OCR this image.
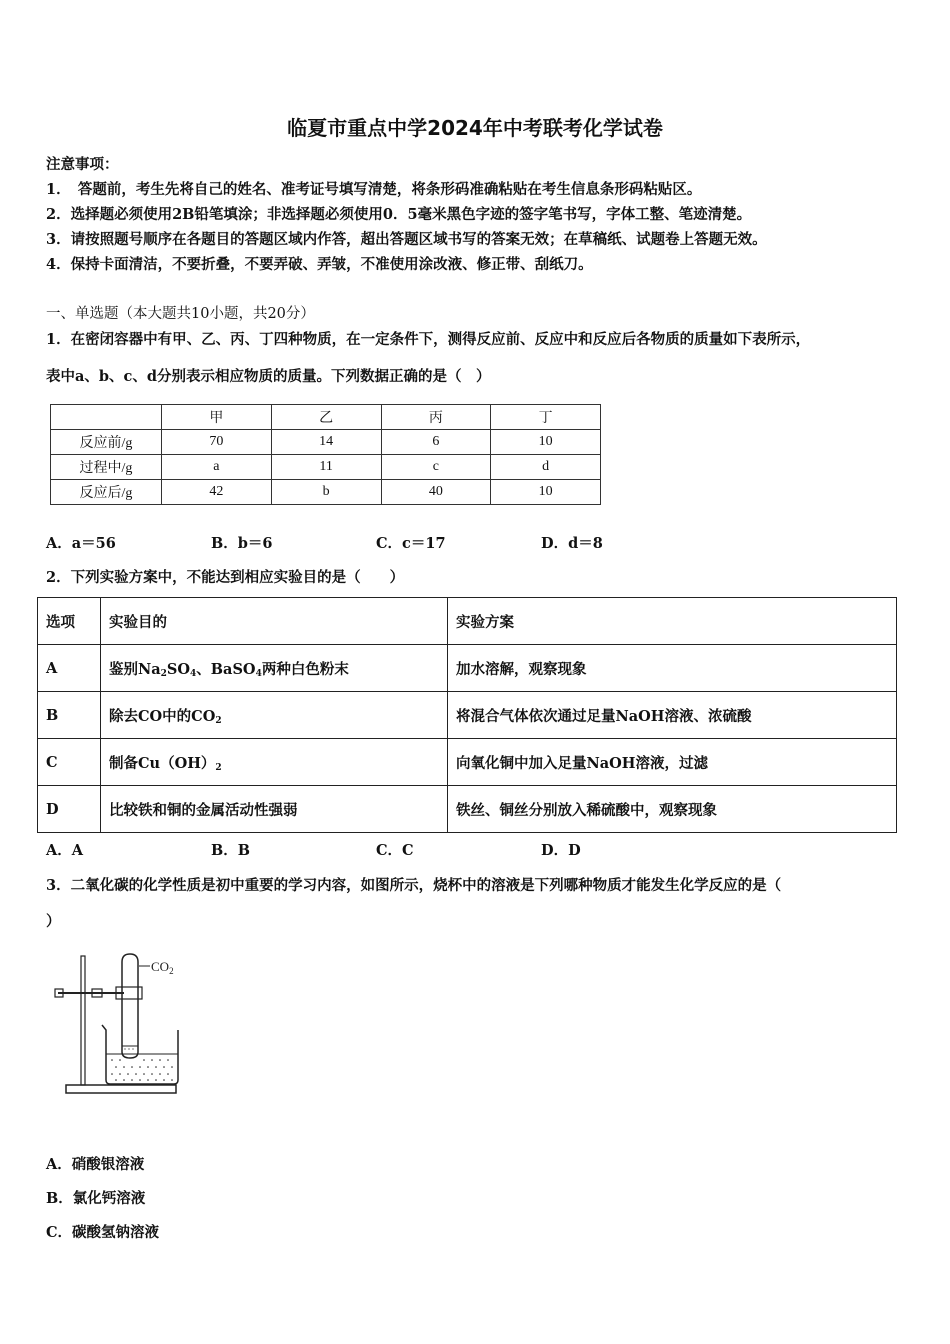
临夏市重点中学2024年中考联考化学试卷
注意事项：
1．　答题前，考生先将自己的姓名、准考证号填写清楚，将条形码准确粘贴在考生信息条形码粘贴区。
2．选择题必须使用2B铅笔填涂；非选择题必须使用0．5毫米黑色字迹的签字笔书写，字体工整、笔迹清楚。
3．请按照题号顺序在各题目的答题区域内作答，超出答题区域书写的答案无效；在草稿纸、试题卷上答题无效。
4．保持卡面清洁，不要折叠，不要弄破、弄皱，不准使用涂改液、修正带、刮纸刀。
一、单选题（本大题共10小题，共20分）
1．在密闭容器中有甲、乙、丙、丁四种物质，在一定条件下，测得反应前、反应中和反应后各物质的质量如下表所示，
表中a、b、c、d分别表示相应物质的质量。下列数据正确的是（　）
	甲	乙	丙	丁
反应前/g	70	14	6	10
过程中/g	a	11	c	d
反应后/g	42	b	40	10
A．a＝56	B．b＝6	C．c＝17	D．d＝8
2．下列实验方案中，不能达到相应实验目的是（　　）
选项	实验目的	实验方案
A	鉴别$Na_2SO_4$、BaSO$_4$两种白色粉末	加水溶解，观察现象
B	除去CO中的$CO_2$	将混合气体依次通过足量NaOH溶液、浓硫酸
C	制备$Cu(OH)_2$	向氧化铜中加入足量NaOH溶液，过滤
D	比较铁和铜的金属活动性强弱	铁丝、铜丝分别放入稀硫酸中，观察现象
A．A	B．B	C．C	D．D
3．二氧化碳的化学性质是初中重要的学习内容，如图所示，烧杯中的溶液是下列哪种物质才能发生化学反应的是（
）
$CO_2$
A．硝酸银溶液
B．氯化钙溶液
C．碳酸氢钠溶液
